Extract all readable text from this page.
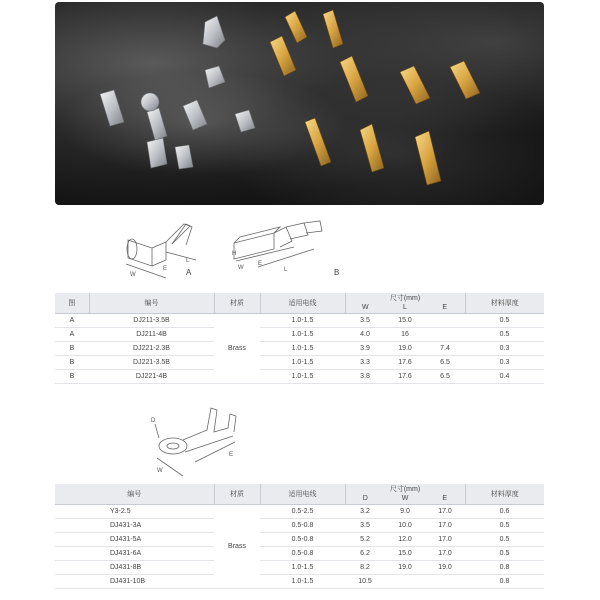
W
E
L
A
H
W
E
L	B
图	编号	材质	适用电线	尺寸(mm)			材料厚度
				W	L	E	
A	DJ211-3.5B	Brass	1.0-1.5	3.5	15.0		0.5
A	DJ211-4B		1.0-1.5	4.0	16		0.5
B	DJ221-2.3B		1.0-1.5	3.9	19.0	7.4	0.3
B	DJ221-3.5B		1.0-1.5	3.3	17.6	6.5	0.3
B	DJ221-4B		1.0-1.5	3.8	17.6	6.5	0.4
D
W
E
编号	材质	适用电线	尺寸(mm)			材料厚度
			D	W	E	
Y3-2.5	Brass	0.5-2.5	3.2	9.0	17.0	0.6
DJ431-3A		0.5-0.8	3.5	10.0	17.0	0.5
DJ431-5A		0.5-0.8	5.2	12.0	17.0	0.5
DJ431-6A		0.5-0.8	6.2	15.0	17.0	0.5
DJ431-8B		1.0-1.5	8.2	19.0	19.0	0.8
DJ431-10B		1.0-1.5	10.5			0.8
